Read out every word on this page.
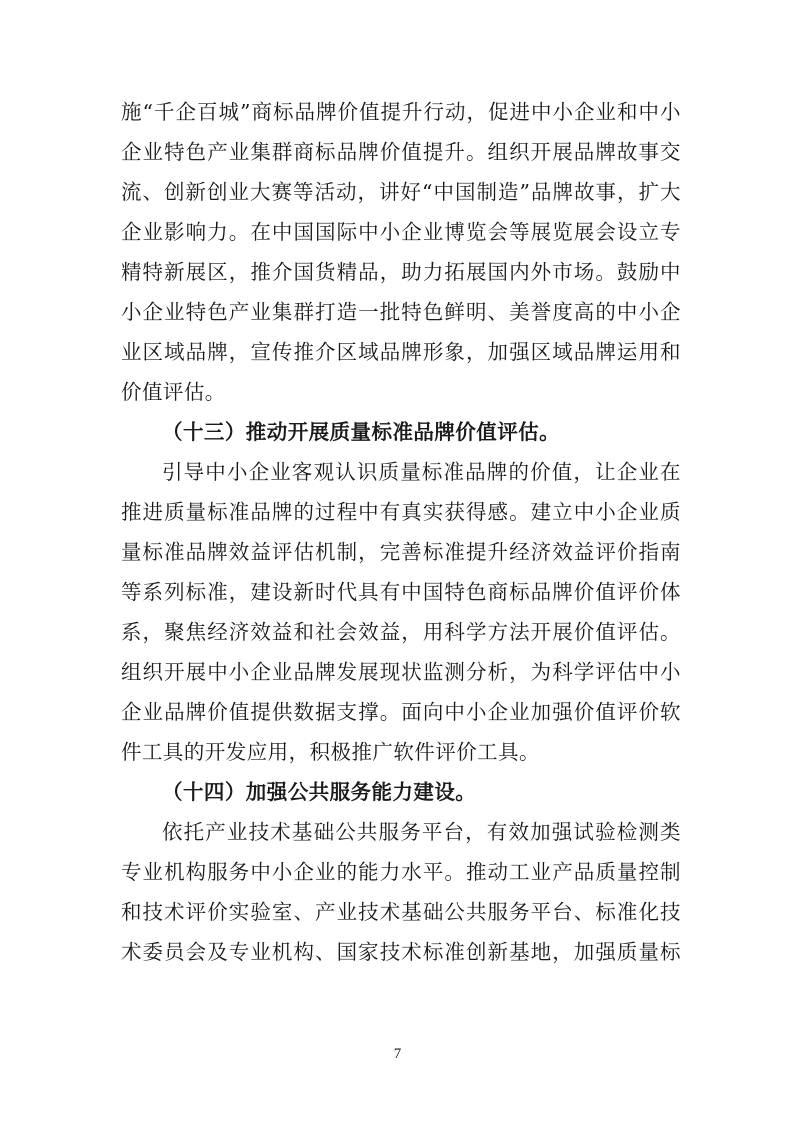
施“千企百城”商标品牌价值提升行动，促进中小企业和中小
企业特色产业集群商标品牌价值提升。组织开展品牌故事交
流、创新创业大赛等活动，讲好“中国制造”品牌故事，扩大
企业影响力。在中国国际中小企业博览会等展览展会设立专
精特新展区，推介国货精品，助力拓展国内外市场。鼓励中
小企业特色产业集群打造一批特色鲜明、美誉度高的中小企
业区域品牌，宣传推介区域品牌形象，加强区域品牌运用和
价值评估。
（十三）推动开展质量标准品牌价值评估。
引导中小企业客观认识质量标准品牌的价值，让企业在
推进质量标准品牌的过程中有真实获得感。建立中小企业质
量标准品牌效益评估机制，完善标准提升经济效益评价指南
等系列标准，建设新时代具有中国特色商标品牌价值评价体
系，聚焦经济效益和社会效益，用科学方法开展价值评估。
组织开展中小企业品牌发展现状监测分析，为科学评估中小
企业品牌价值提供数据支撑。面向中小企业加强价值评价软
件工具的开发应用，积极推广软件评价工具。
（十四）加强公共服务能力建设。
依托产业技术基础公共服务平台，有效加强试验检测类
专业机构服务中小企业的能力水平。推动工业产品质量控制
和技术评价实验室、产业技术基础公共服务平台、标准化技
术委员会及专业机构、国家技术标准创新基地，加强质量标
7
